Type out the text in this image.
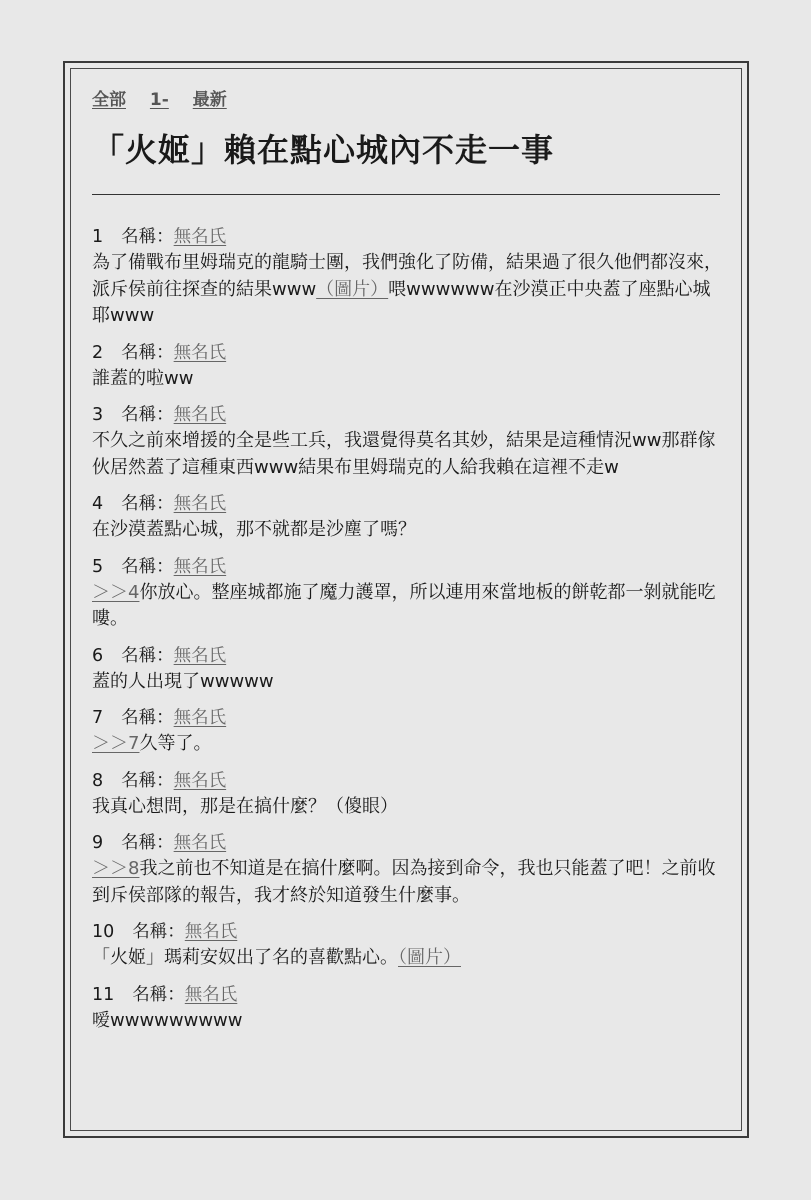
全部 1- 最新
「火姬」賴在點心城內不走一事
1 名稱：無名氏
為了備戰布里姆瑞克的龍騎士團，我們強化了防備，結果過了很久他們都沒來，派斥侯前往探查的結果www（圖片）喂wwwwww在沙漠正中央蓋了座點心城耶www
2 名稱：無名氏
誰蓋的啦ww
3 名稱：無名氏
不久之前來增援的全是些工兵，我還覺得莫名其妙，結果是這種情況ww那群傢伙居然蓋了這種東西www結果布里姆瑞克的人給我賴在這裡不走w
4 名稱：無名氏
在沙漠蓋點心城，那不就都是沙塵了嗎？
5 名稱：無名氏
＞＞4你放心。整座城都施了魔力護罩，所以連用來當地板的餅乾都一剝就能吃嘍。
6 名稱：無名氏
蓋的人出現了wwwww
7 名稱：無名氏
＞＞7久等了。
8 名稱：無名氏
我真心想問，那是在搞什麼？（傻眼）
9 名稱：無名氏
＞＞8我之前也不知道是在搞什麼啊。因為接到命令，我也只能蓋了吧！之前收到斥侯部隊的報告，我才終於知道發生什麼事。
10 名稱：無名氏
「火姬」瑪莉安奴出了名的喜歡點心。（圖片）
11 名稱：無名氏
嗳wwwwwwwww
